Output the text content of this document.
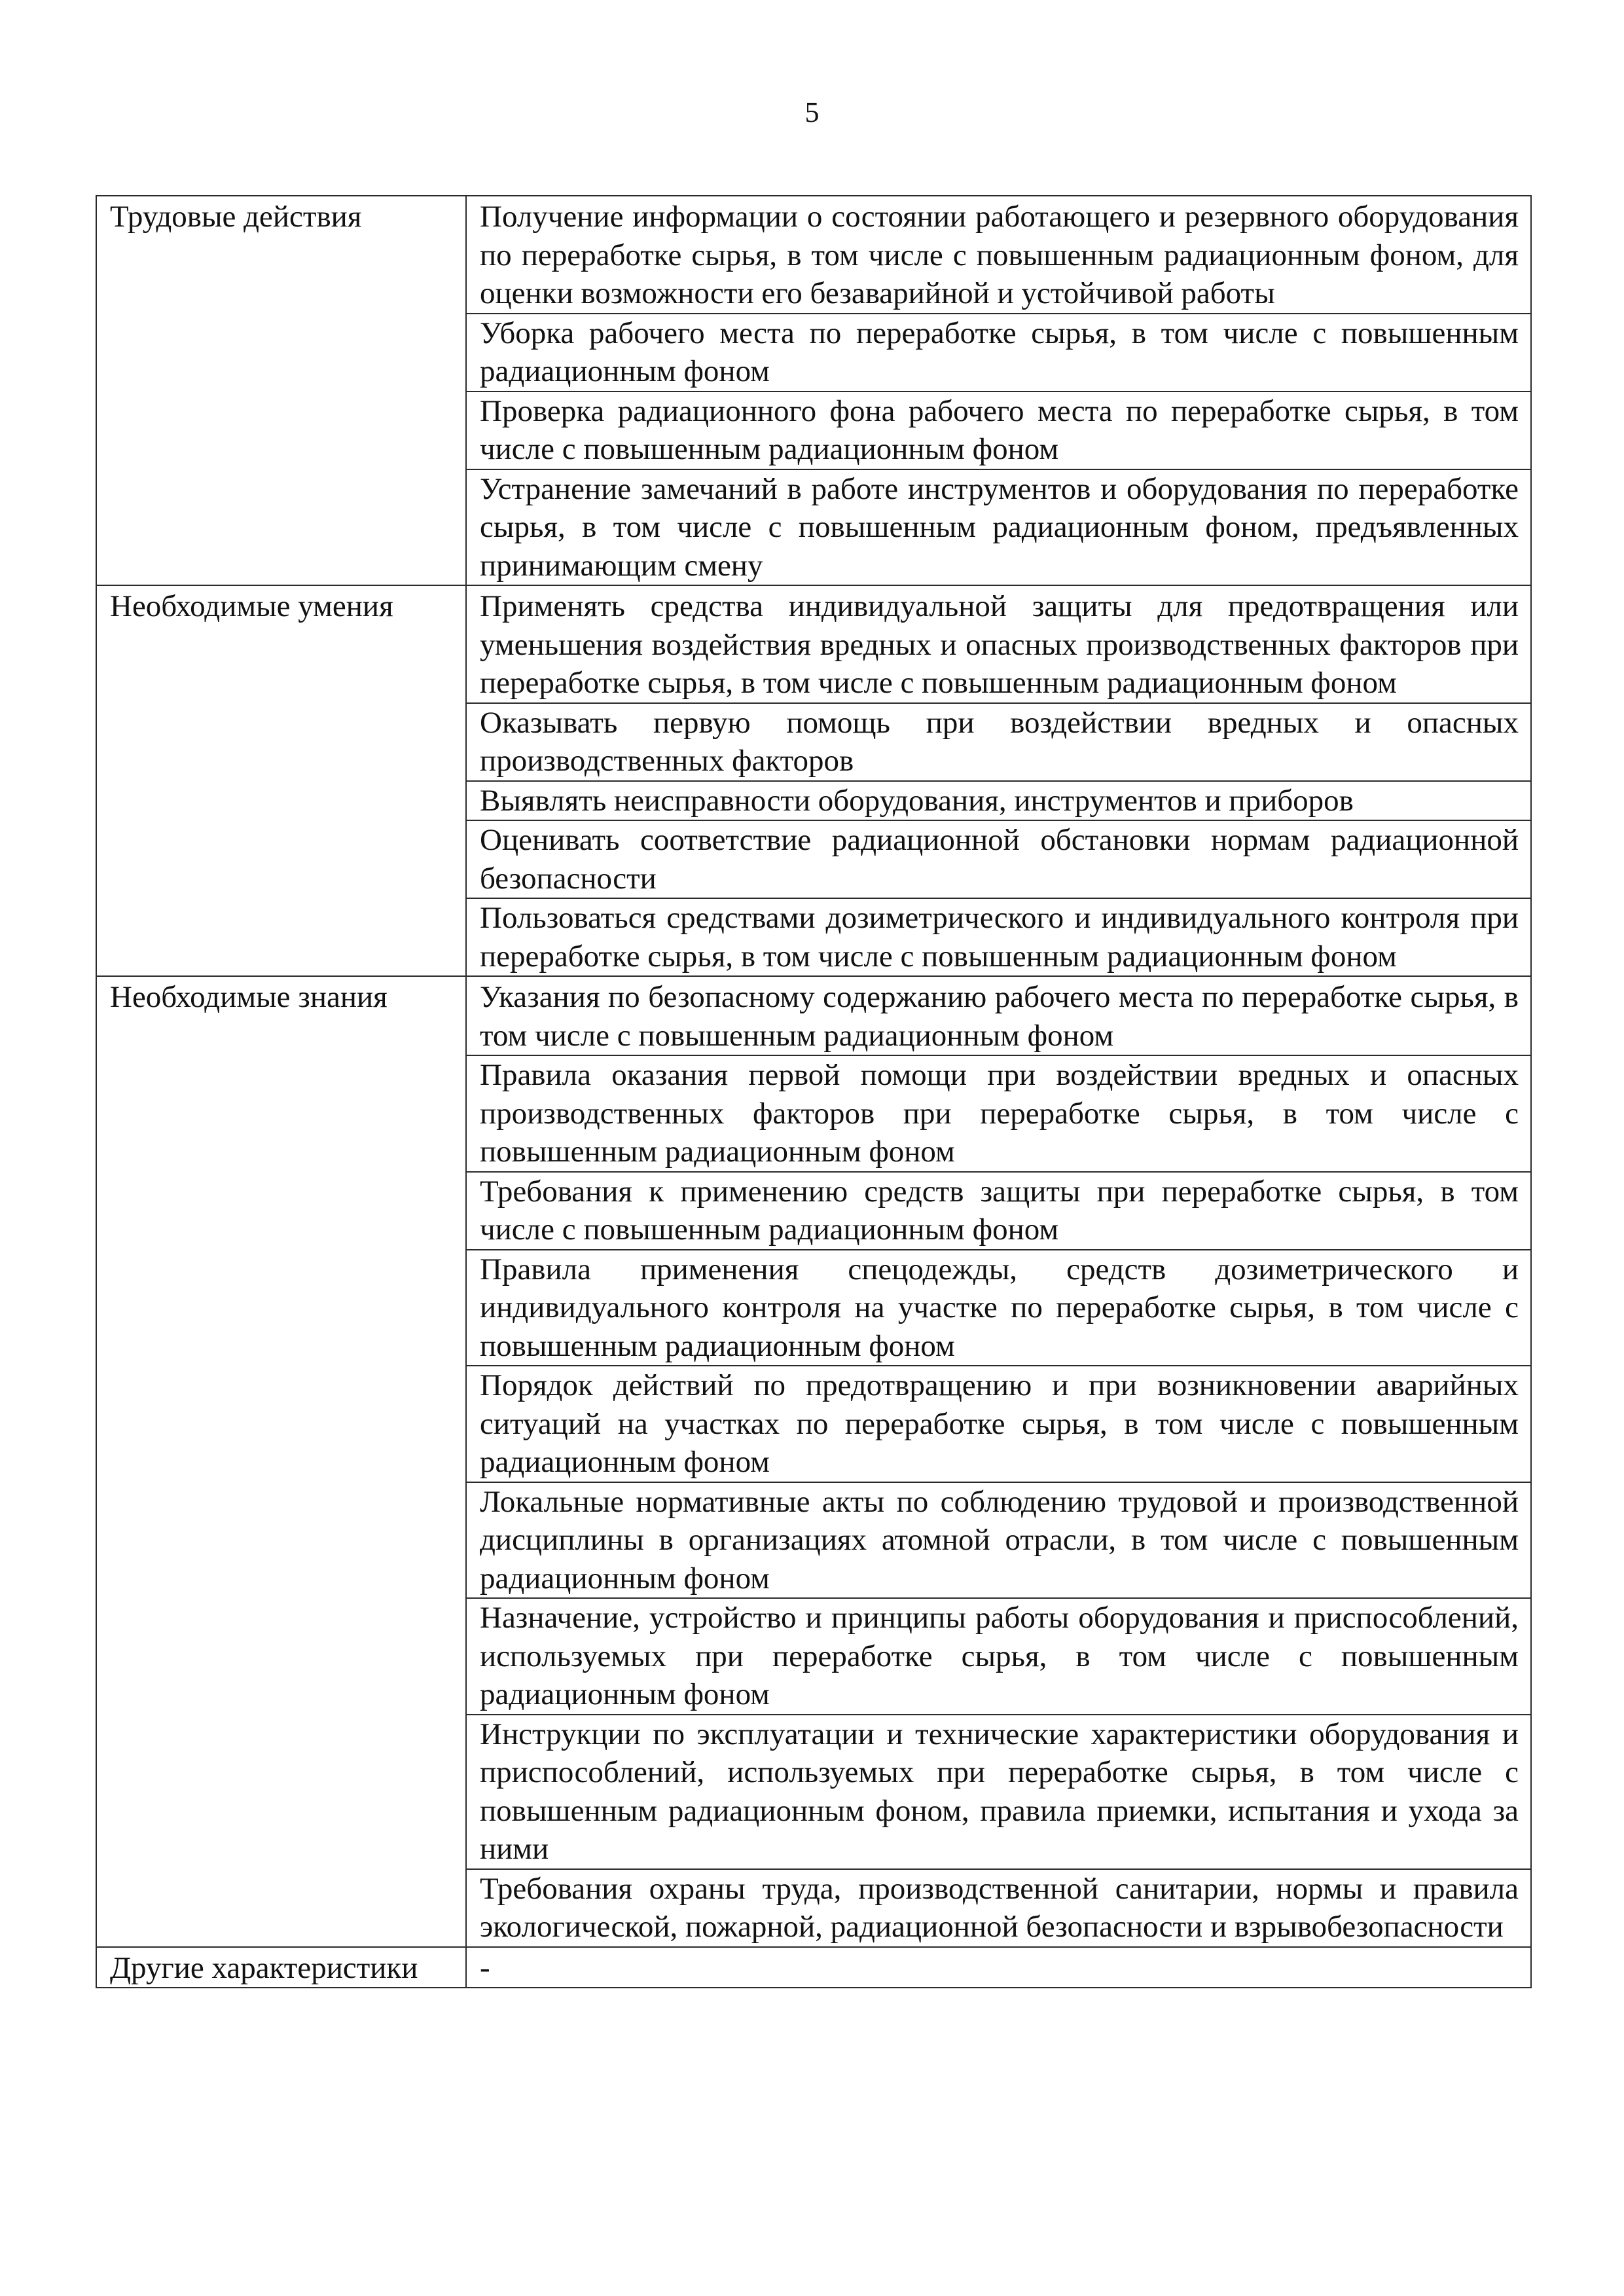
5
Трудовые действия	Получение информации о состоянии работающего и резервного оборудования по переработке сырья, в том числе с повышенным радиационным фоном, для оценки возможности его безаварийной и устойчивой работы
	Уборка рабочего места по переработке сырья, в том числе с повышенным радиационным фоном
	Проверка радиационного фона рабочего места по переработке сырья, в том числе с повышенным радиационным фоном
	Устранение замечаний в работе инструментов и оборудования по переработке сырья, в том числе с повышенным радиационным фоном, предъявленных принимающим смену

Необходимые умения	Применять средства индивидуальной защиты для предотвращения или уменьшения воздействия вредных и опасных производственных факторов при переработке сырья, в том числе с повышенным радиационным фоном
	Оказывать первую помощь при воздействии вредных и опасных производственных факторов
	Выявлять неисправности оборудования, инструментов и приборов
	Оценивать соответствие радиационной обстановки нормам радиационной безопасности
	Пользоваться средствами дозиметрического и индивидуального контроля при переработке сырья, в том числе с повышенным радиационным фоном

Необходимые знания	Указания по безопасному содержанию рабочего места по переработке сырья, в том числе с повышенным радиационным фоном
	Правила оказания первой помощи при воздействии вредных и опасных производственных факторов при переработке сырья, в том числе с повышенным радиационным фоном
	Требования к применению средств защиты при переработке сырья, в том числе с повышенным радиационным фоном
	Правила применения спецодежды, средств дозиметрического и индивидуального контроля на участке по переработке сырья, в том числе с повышенным радиационным фоном
	Порядок действий по предотвращению и при возникновении аварийных ситуаций на участках по переработке сырья, в том числе с повышенным радиационным фоном
	Локальные нормативные акты по соблюдению трудовой и производственной дисциплины в организациях атомной отрасли, в том числе с повышенным радиационным фоном
	Назначение, устройство и принципы работы оборудования и приспособлений, используемых при переработке сырья, в том числе с повышенным радиационным фоном
	Инструкции по эксплуатации и технические характеристики оборудования и приспособлений, используемых при переработке сырья, в том числе с повышенным радиационным фоном, правила приемки, испытания и ухода за ними
	Требования охраны труда, производственной санитарии, нормы и правила экологической, пожарной, радиационной безопасности и взрывобезопасности

Другие характеристики	-
